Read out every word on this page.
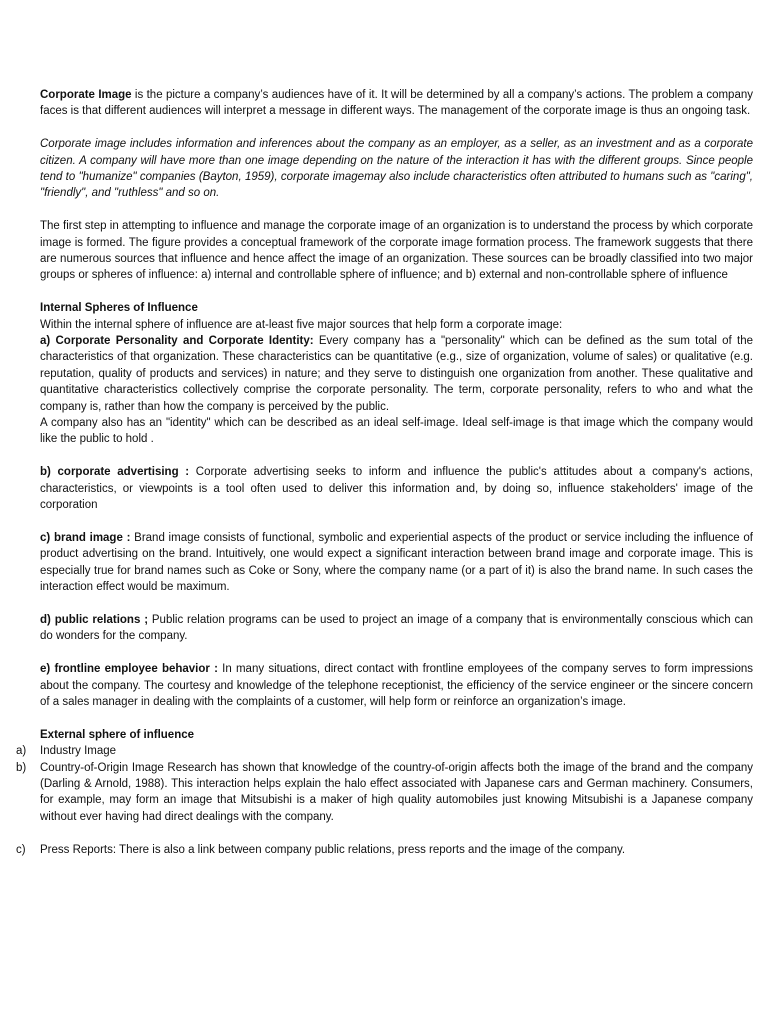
Corporate Image is the picture a company’s audiences have of it. It will be determined by all a company’s actions. The problem a company faces is that different audiences will interpret a message in different ways. The management of the corporate image is thus an ongoing task.

Corporate image includes information and inferences about the company as an employer, as a seller, as an investment and as a corporate citizen. A company will have more than one image depending on the nature of the interaction it has with the different groups. Since people tend to "humanize" companies (Bayton, 1959), corporate imagemay also include characteristics often attributed to humans such as "caring", "friendly", and "ruthless" and so on.

The first step in attempting to influence and manage the corporate image of an organization is to understand the process by which corporate image is formed. The figure provides a conceptual framework of the corporate image formation process. The framework suggests that there are numerous sources that influence and hence affect the image of an organization. These sources can be broadly classified into two major groups or spheres of influence: a) internal and controllable sphere of influence; and b) external and non-controllable sphere of influence

Internal Spheres of Influence

Within the internal sphere of influence are at-least five major sources that help form a corporate image:

a) Corporate Personality and Corporate Identity: Every company has a "personality" which can be defined as the sum total of the characteristics of that organization. These characteristics can be quantitative (e.g., size of organization, volume of sales) or qualitative (e.g. reputation, quality of products and services) in nature; and they serve to distinguish one organization from another. These qualitative and quantitative characteristics collectively comprise the corporate personality. The term, corporate personality, refers to who and what the company is, rather than how the company is perceived by the public.

A company also has an "identity" which can be described as an ideal self-image. Ideal self-image is that image which the company would like the public to hold .

b) corporate advertising : Corporate advertising seeks to inform and influence the public's attitudes about a company's actions, characteristics, or viewpoints is a tool often used to deliver this information and, by doing so, influence stakeholders' image of the corporation

c) brand image : Brand image consists of functional, symbolic and experiential aspects of the product or service including the influence of product advertising on the brand. Intuitively, one would expect a significant interaction between brand image and corporate image. This is especially true for brand names such as Coke or Sony, where the company name (or a part of it) is also the brand name. In such cases the interaction effect would be maximum.

d) public relations ; Public relation programs can be used to project an image of a company that is environmentally conscious which can do wonders for the company.

e) frontline employee behavior : In many situations, direct contact with frontline employees of the company serves to form impressions about the company. The courtesy and knowledge of the telephone receptionist, the efficiency of the service engineer or the sincere concern of a sales manager in dealing with the complaints of a customer, will help form or reinforce an organization’s image.

External sphere of influence

a) Industry Image

b) Country-of-Origin Image Research has shown that knowledge of the country-of-origin affects both the image of the brand and the company (Darling & Arnold, 1988). This interaction helps explain the halo effect associated with Japanese cars and German machinery. Consumers, for example, may form an image that Mitsubishi is a maker of high quality automobiles just knowing Mitsubishi is a Japanese company without ever having had direct dealings with the company.

c) Press Reports: There is also a link between company public relations, press reports and the image of the company.
